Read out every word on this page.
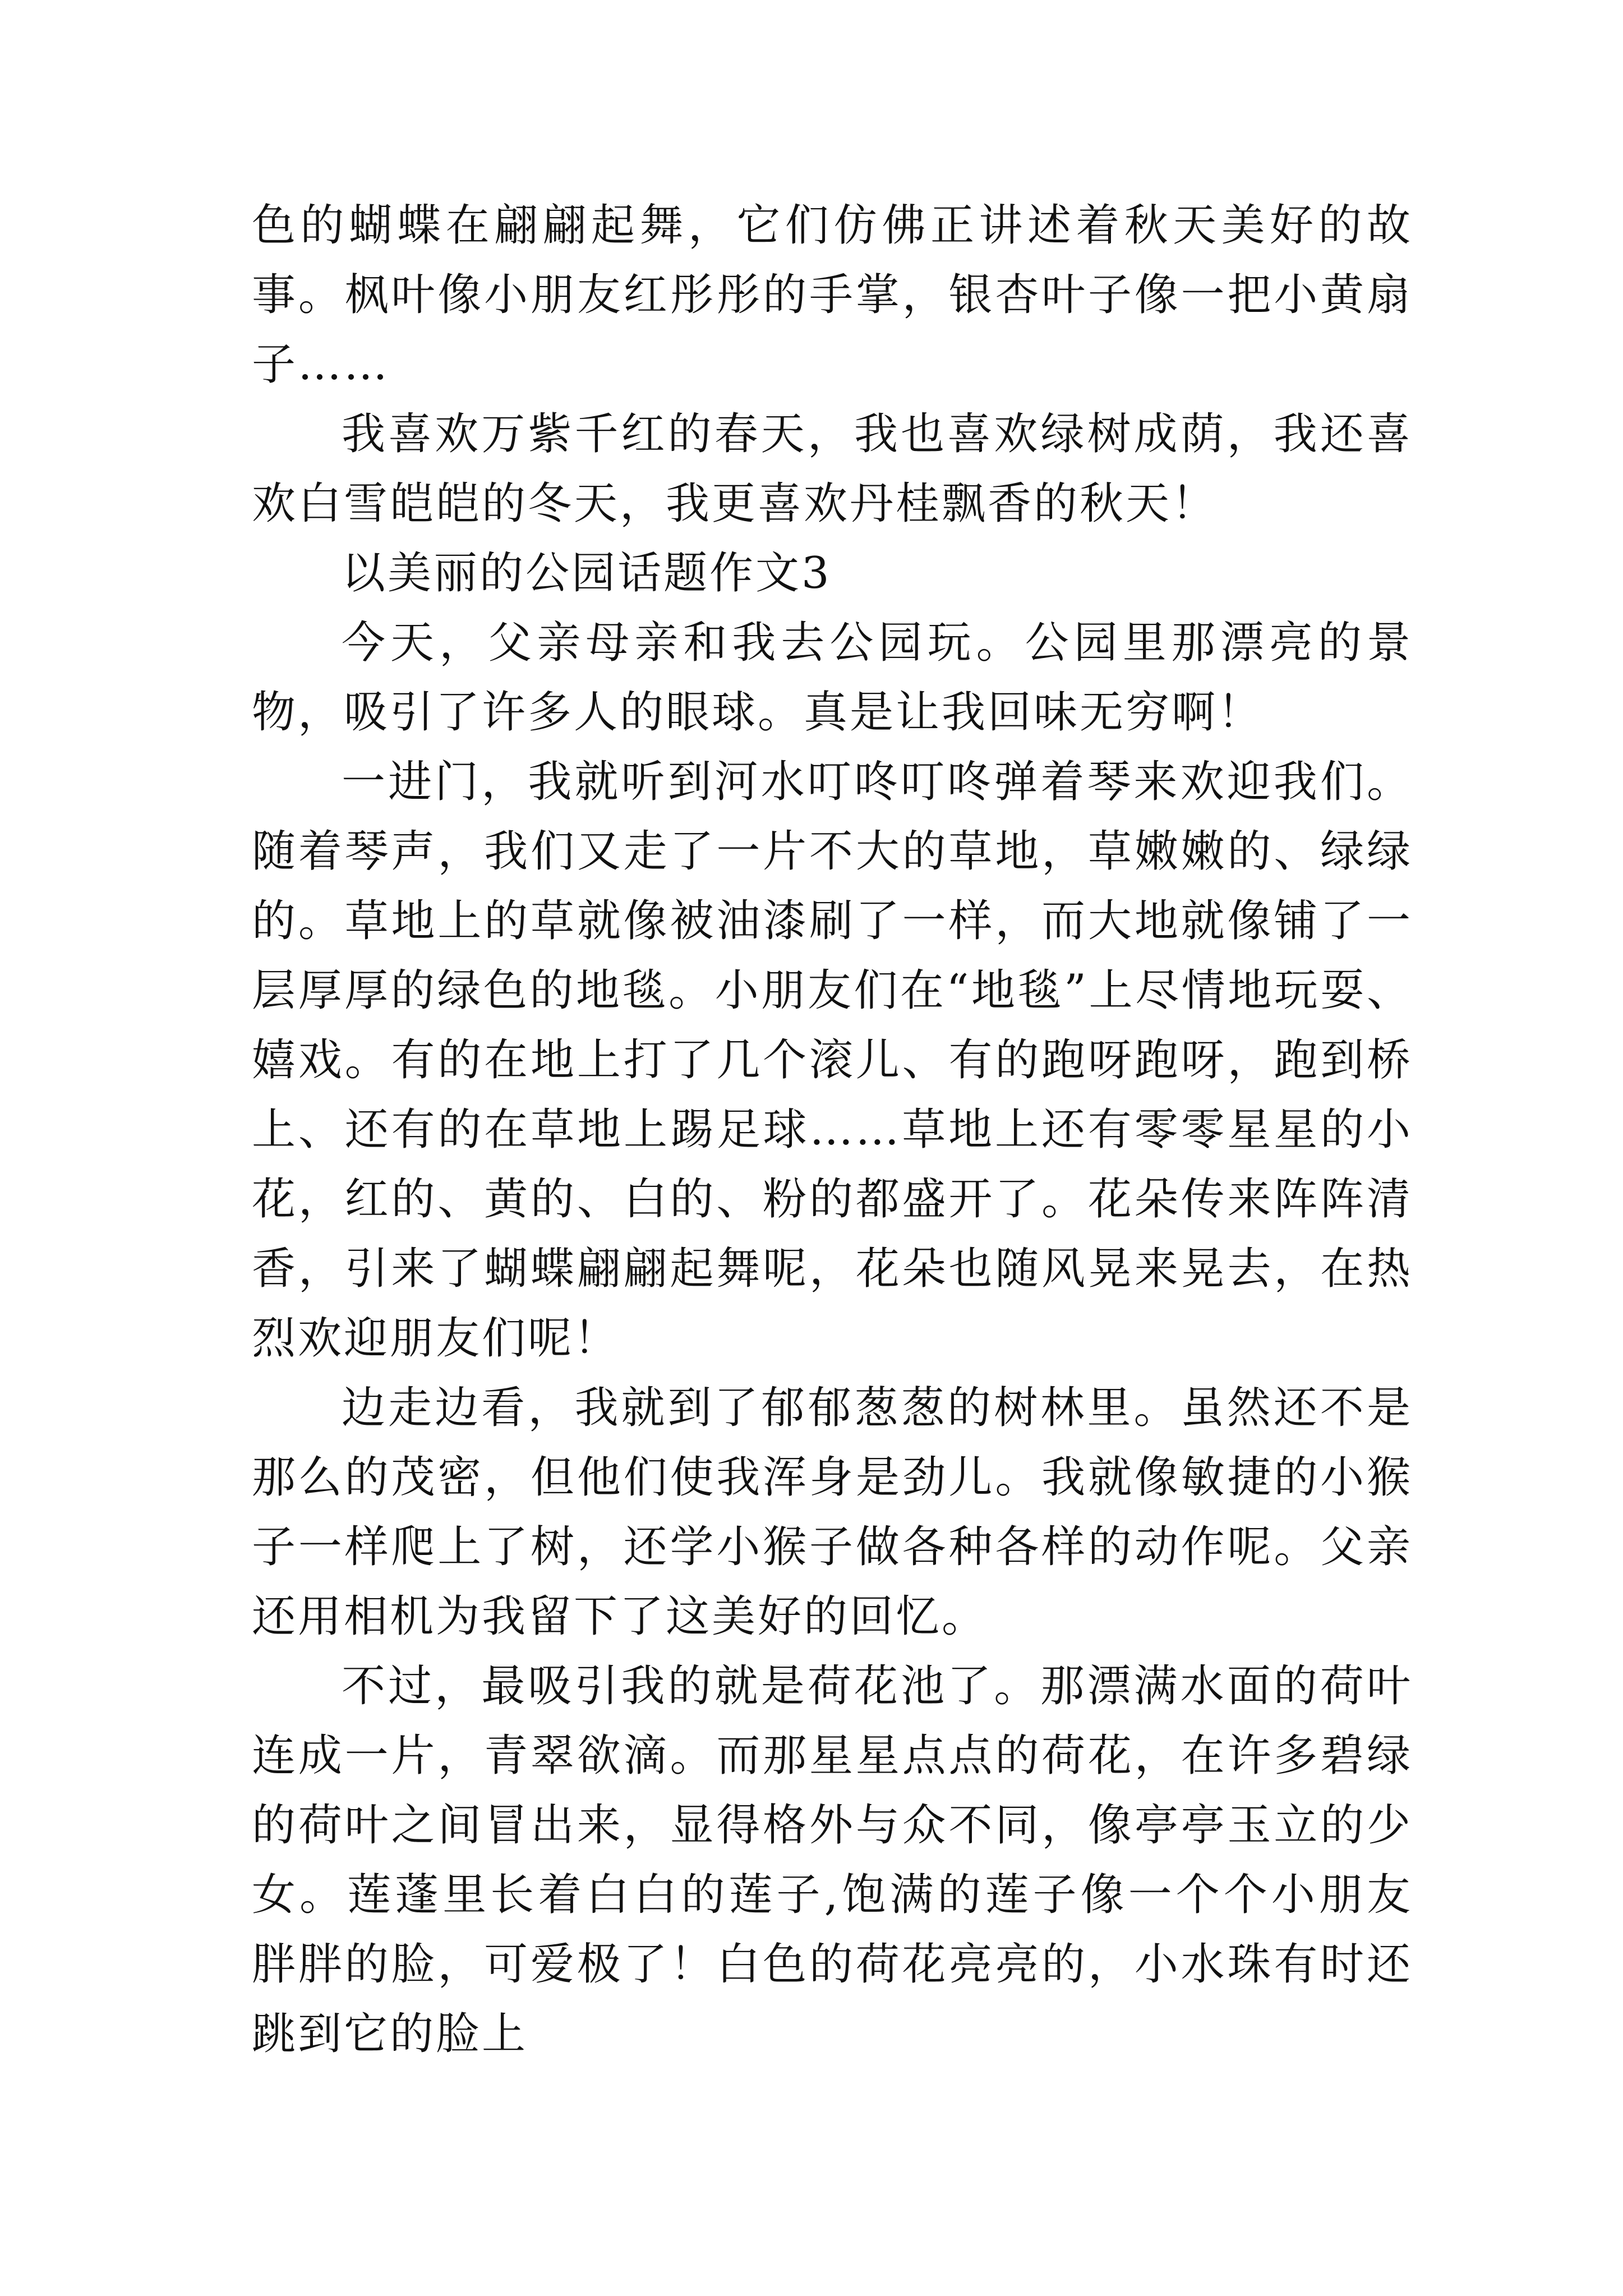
色的蝴蝶在翩翩起舞，它们仿佛正讲述着秋天美好的故事。枫叶像小朋友红彤彤的手掌，银杏叶子像一把小黄扇子……

我喜欢万紫千红的春天，我也喜欢绿树成荫，我还喜欢白雪皑皑的冬天，我更喜欢丹桂飘香的秋天！

以美丽的公园话题作文3

今天，父亲母亲和我去公园玩。公园里那漂亮的景物，吸引了许多人的眼球。真是让我回味无穷啊！

一进门，我就听到河水叮咚叮咚弹着琴来欢迎我们。随着琴声，我们又走了一片不大的草地，草嫩嫩的、绿绿的。草地上的草就像被油漆刷了一样，而大地就像铺了一层厚厚的绿色的地毯。小朋友们在“地毯”上尽情地玩耍、嬉戏。有的在地上打了几个滚儿、有的跑呀跑呀，跑到桥上、还有的在草地上踢足球……草地上还有零零星星的小花，红的、黄的、白的、粉的都盛开了。花朵传来阵阵清香，引来了蝴蝶翩翩起舞呢，花朵也随风晃来晃去，在热烈欢迎朋友们呢！

边走边看，我就到了郁郁葱葱的树林里。虽然还不是那么的茂密，但他们使我浑身是劲儿。我就像敏捷的小猴子一样爬上了树，还学小猴子做各种各样的动作呢。父亲还用相机为我留下了这美好的回忆。

不过，最吸引我的就是荷花池了。那漂满水面的荷叶连成一片，青翠欲滴。而那星星点点的荷花，在许多碧绿的荷叶之间冒出来，显得格外与众不同，像亭亭玉立的少女。莲蓬里长着白白的莲子,饱满的莲子像一个个小朋友胖胖的脸，可爱极了！白色的荷花亮亮的，小水珠有时还跳到它的脸上
